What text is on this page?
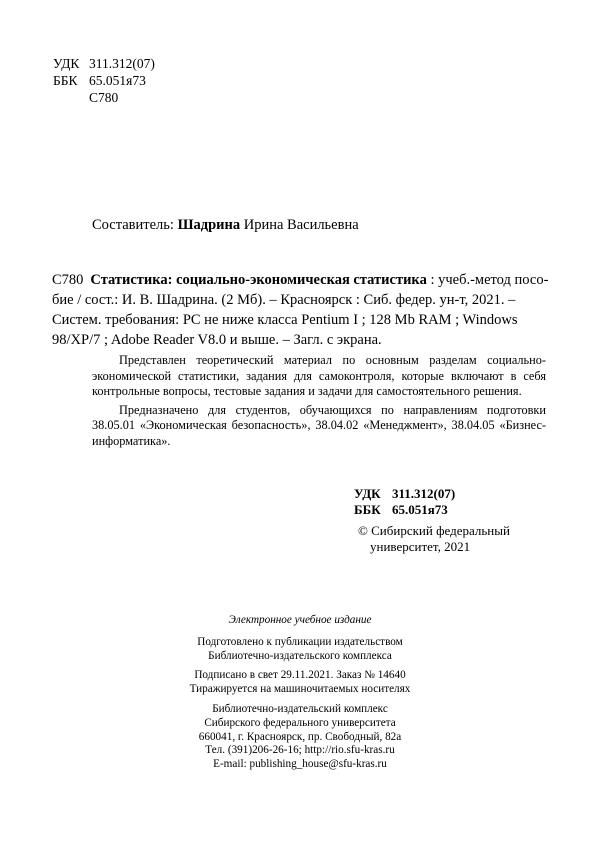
УДК 311.312(07)
ББК 65.051я73
С780
Составитель: Шадрина Ирина Васильевна
С780 Статистика: социально-экономическая статистика : учеб.-метод посо-
бие / сост.: И. В. Шадрина. (2 Мб). – Красноярск : Сиб. федер. ун-т, 2021. –
Систем. требования: PC не ниже класса Pentium I ; 128 Mb RAM ; Windows
98/XP/7 ; Adobe Reader V8.0 и выше. – Загл. с экрана.

Представлен теоретический материал по основным разделам социально-экономической статистики, задания для самоконтроля, которые включают в себя контрольные вопросы, тестовые задания и задачи для самостоятельного решения.

Предназначено для студентов, обучающихся по направлениям подготовки 38.05.01 «Экономическая безопасность», 38.04.02 «Менеджмент», 38.04.05 «Бизнес-информатика».

УДК 311.312(07)
ББК 65.051я73
© Сибирский федеральный
университет, 2021
Электронное учебное издание
Подготовлено к публикации издательством
Библиотечно-издательского комплекса
Подписано в свет 29.11.2021. Заказ № 14640
Тиражируется на машиночитаемых носителях
Библиотечно-издательский комплекс
Сибирского федерального университета
660041, г. Красноярск, пр. Свободный, 82а
Тел. (391)206-26-16; http://rio.sfu-kras.ru
E-mail: publishing_house@sfu-kras.ru
